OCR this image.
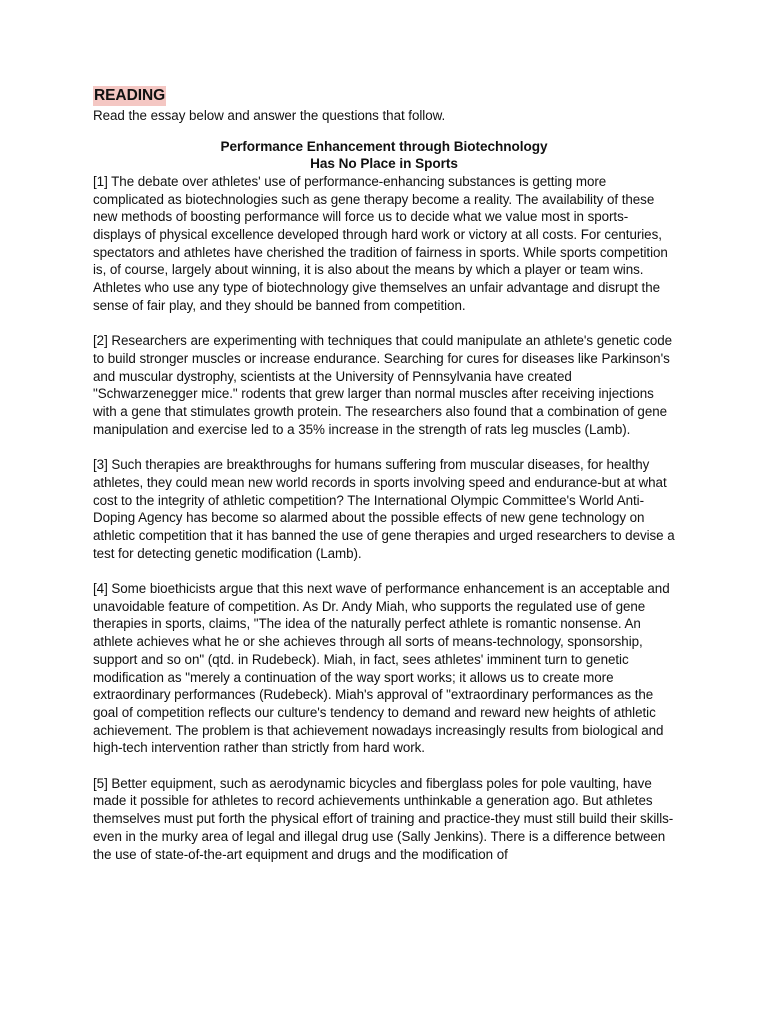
READING

Read the essay below and answer the questions that follow.

Performance Enhancement through Biotechnology

Has No Place in Sports

[1] The debate over athletes' use of performance-enhancing substances is getting more complicated as biotechnologies such as gene therapy become a reality. The availability of these new methods of boosting performance will force us to decide what we value most in sports-displays of physical excellence developed through hard work or victory at all costs. For centuries, spectators and athletes have cherished the tradition of fairness in sports. While sports competition is, of course, largely about winning, it is also about the means by which a player or team wins. Athletes who use any type of biotechnology give themselves an unfair advantage and disrupt the sense of fair play, and they should be banned from competition.

[2] Researchers are experimenting with techniques that could manipulate an athlete's genetic code to build stronger muscles or increase endurance. Searching for cures for diseases like Parkinson's and muscular dystrophy, scientists at the University of Pennsylvania have created "Schwarzenegger mice." rodents that grew larger than normal muscles after receiving injections with a gene that stimulates growth protein. The researchers also found that a combination of gene manipulation and exercise led to a 35% increase in the strength of rats leg muscles (Lamb).

[3] Such therapies are breakthroughs for humans suffering from muscular diseases, for healthy athletes, they could mean new world records in sports involving speed and endurance-but at what cost to the integrity of athletic competition? The International Olympic Committee's World Anti-Doping Agency has become so alarmed about the possible effects of new gene technology on athletic competition that it has banned the use of gene therapies and urged researchers to devise a test for detecting genetic modification (Lamb).

[4] Some bioethicists argue that this next wave of performance enhancement is an acceptable and unavoidable feature of competition. As Dr. Andy Miah, who supports the regulated use of gene therapies in sports, claims, "The idea of the naturally perfect athlete is romantic nonsense. An athlete achieves what he or she achieves through all sorts of means-technology, sponsorship, support and so on" (qtd. in Rudebeck). Miah, in fact, sees athletes' imminent turn to genetic modification as "merely a continuation of the way sport works; it allows us to create more extraordinary performances (Rudebeck). Miah's approval of "extraordinary performances as the goal of competition reflects our culture's tendency to demand and reward new heights of athletic achievement. The problem is that achievement nowadays increasingly results from biological and high-tech intervention rather than strictly from hard work.

[5] Better equipment, such as aerodynamic bicycles and fiberglass poles for pole vaulting, have made it possible for athletes to record achievements unthinkable a generation ago. But athletes themselves must put forth the physical effort of training and practice-they must still build their skills-even in the murky area of legal and illegal drug use (Sally Jenkins). There is a difference between the use of state-of-the-art equipment and drugs and the modification of
